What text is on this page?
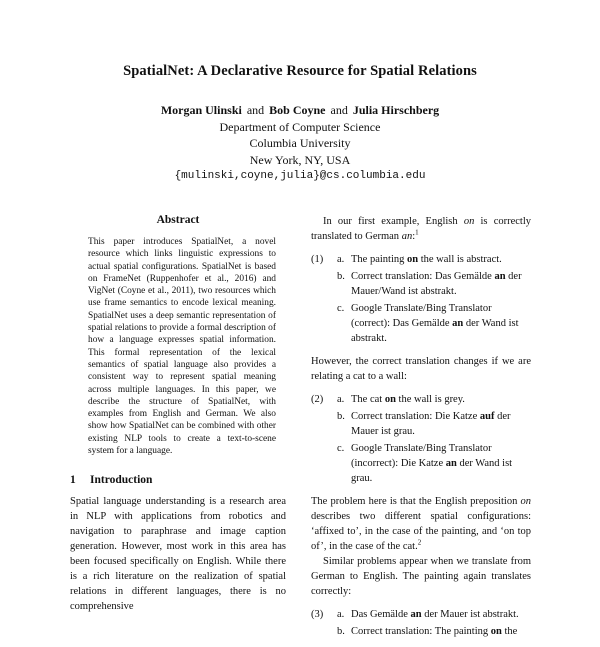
SpatialNet: A Declarative Resource for Spatial Relations
Morgan Ulinski and Bob Coyne and Julia Hirschberg
Department of Computer Science
Columbia University
New York, NY, USA
{mulinski,coyne,julia}@cs.columbia.edu
Abstract
This paper introduces SpatialNet, a novel resource which links linguistic expressions to actual spatial configurations. SpatialNet is based on FrameNet (Ruppenhofer et al., 2016) and VigNet (Coyne et al., 2011), two resources which use frame semantics to encode lexical meaning. SpatialNet uses a deep semantic representation of spatial relations to provide a formal description of how a language expresses spatial information. This formal representation of the lexical semantics of spatial language also provides a consistent way to represent spatial meaning across multiple languages. In this paper, we describe the structure of SpatialNet, with examples from English and German. We also show how SpatialNet can be combined with other existing NLP tools to create a text-to-scene system for a language.
1 Introduction
Spatial language understanding is a research area in NLP with applications from robotics and navigation to paraphrase and image caption generation. However, most work in this area has been focused specifically on English. While there is a rich literature on the realization of spatial relations in different languages, there is no comprehensive
In our first example, English on is correctly translated to German an:$^1$
(1) a. The painting on the wall is abstract.
b. Correct translation: Das Gemälde an der Mauer/Wand ist abstrakt.
c. Google Translate/Bing Translator (correct): Das Gemälde an der Wand ist abstrakt.
However, the correct translation changes if we are relating a cat to a wall:
(2) a. The cat on the wall is grey.
b. Correct translation: Die Katze auf der Mauer ist grau.
c. Google Translate/Bing Translator (incorrect): Die Katze an der Wand ist grau.
The problem here is that the English preposition on describes two different spatial configurations: ‘affixed to’, in the case of the painting, and ‘on top of’, in the case of the cat.$^2$
Similar problems appear when we translate from German to English. The painting again translates correctly:
(3) a. Das Gemälde an der Mauer ist abstrakt.
b. Correct translation: The painting on the
